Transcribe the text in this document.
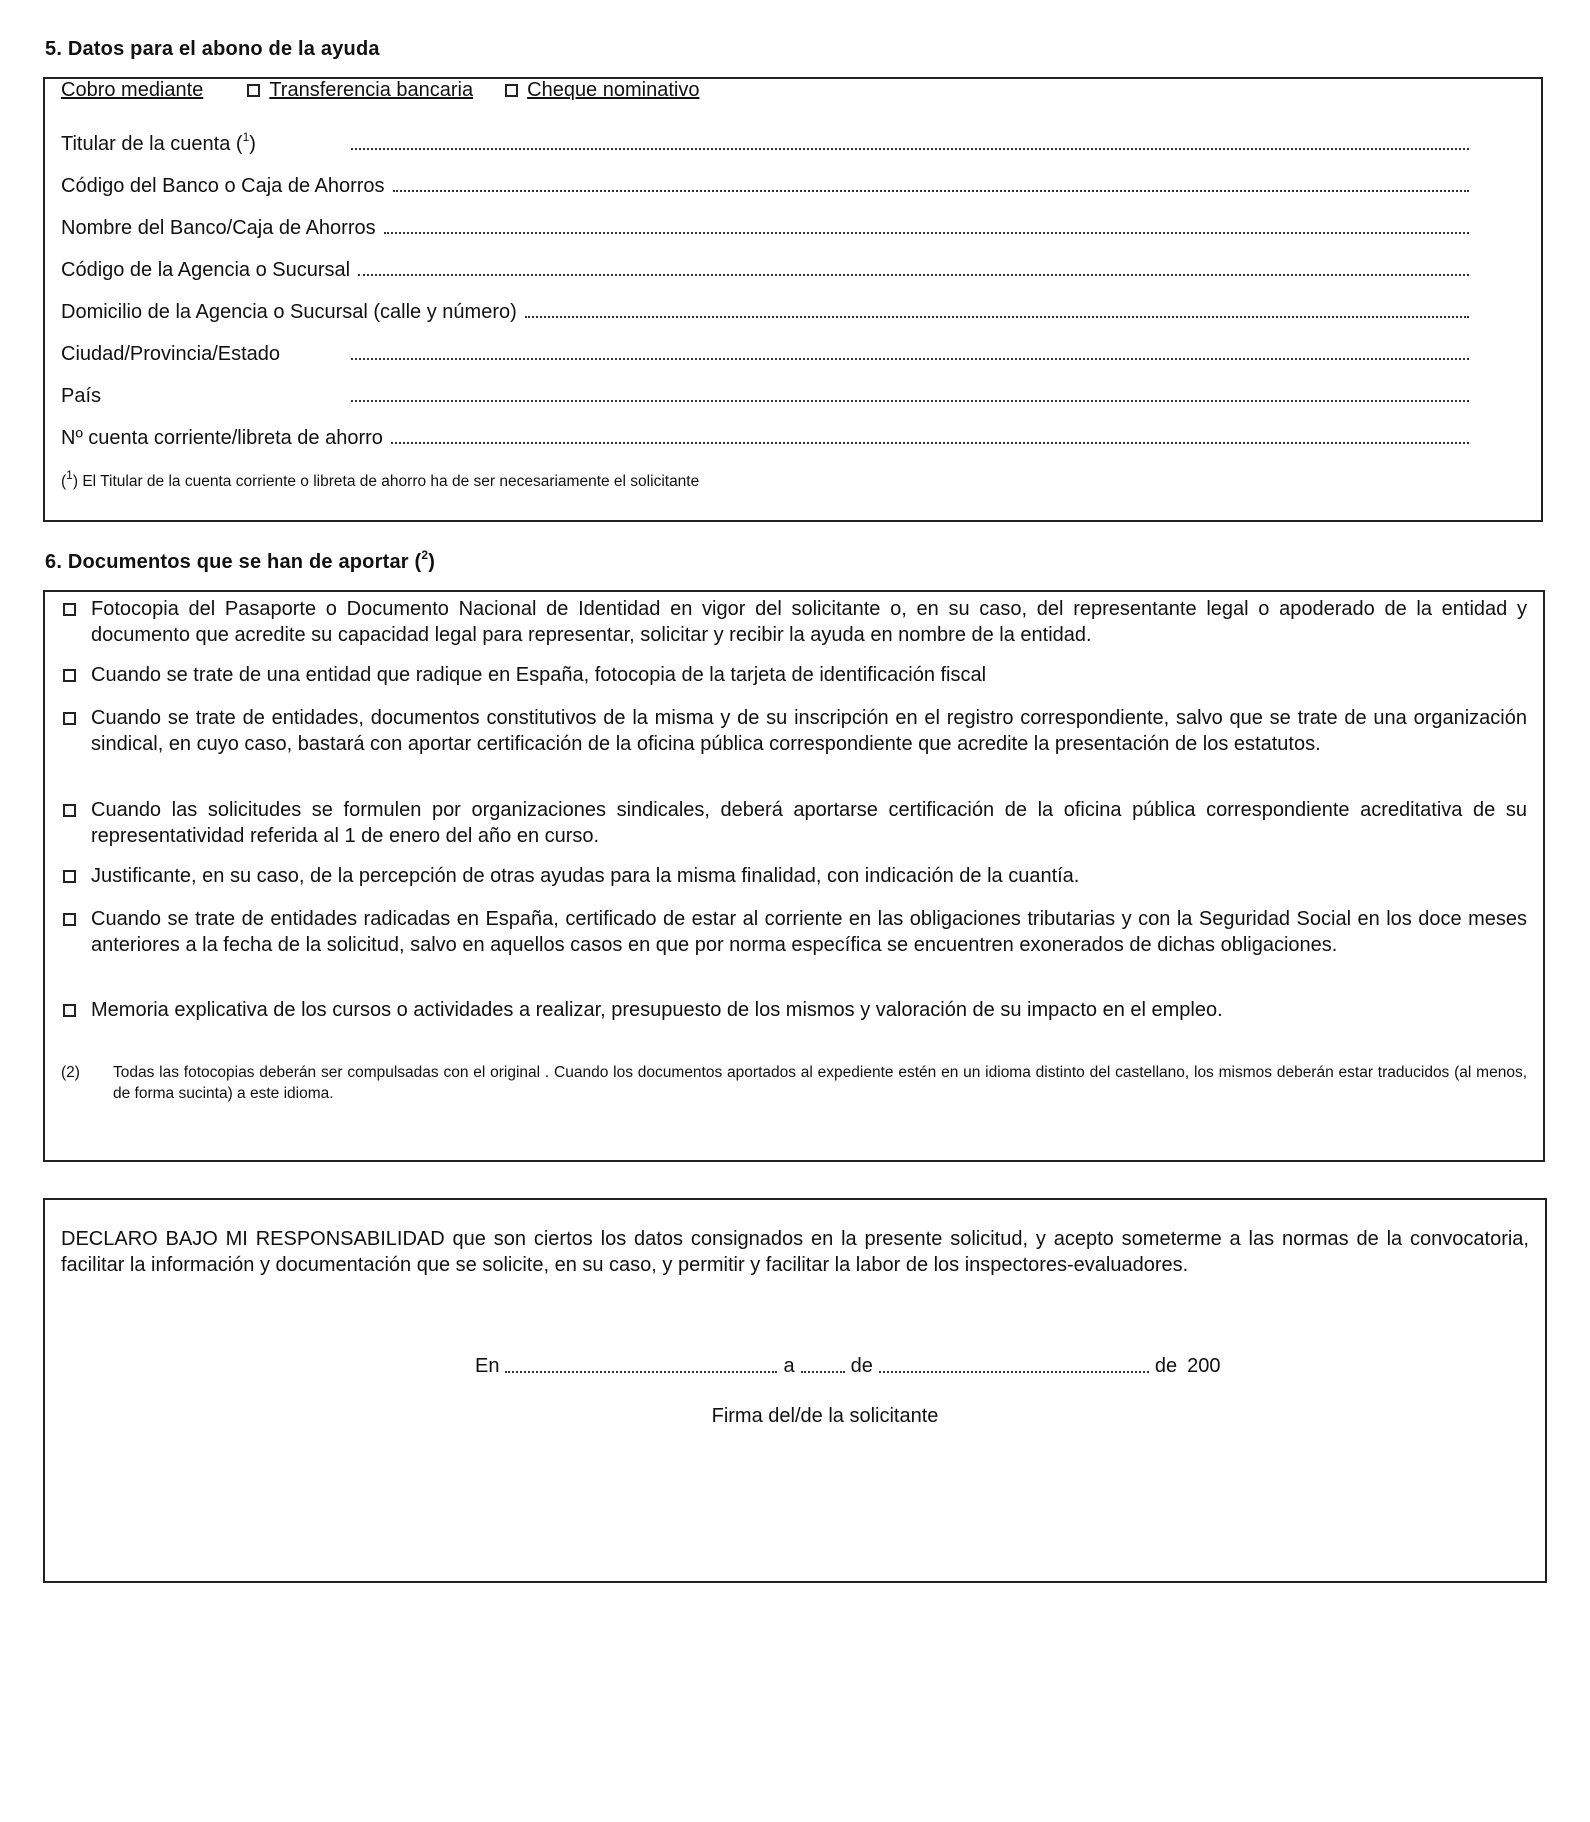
5. Datos para el abono de la ayuda
Cobro mediante	Transferencia bancaria	Cheque nominativo
Titular de la cuenta ($^1$)
Código del Banco o Caja de Ahorros
Nombre del Banco/Caja de Ahorros
Código de la Agencia o Sucursal
Domicilio de la Agencia o Sucursal (calle y número)
Ciudad/Provincia/Estado
País
Nº cuenta corriente/libreta de ahorro
($^1$) El Titular de la cuenta corriente o libreta de ahorro ha de ser necesariamente el solicitante
6. Documentos que se han de aportar ($^2$)
Fotocopia del Pasaporte o Documento Nacional de Identidad en vigor del solicitante o, en su caso, del representante legal o apoderado de la entidad y documento que acredite su capacidad legal para representar, solicitar y recibir la ayuda en nombre de la entidad.
Cuando se trate de una entidad que radique en España, fotocopia de la tarjeta de identificación fiscal
Cuando se trate de entidades, documentos constitutivos de la misma y de su inscripción en el registro correspondiente, salvo que se trate de una organización sindical, en cuyo caso, bastará con aportar certificación de la oficina pública correspondiente que acredite la presentación de los estatutos.
Cuando las solicitudes se formulen por organizaciones sindicales, deberá aportarse certificación de la oficina pública correspondiente acreditativa de su representatividad referida al 1 de enero del año en curso.
Justificante, en su caso, de la percepción de otras ayudas para la misma finalidad, con indicación de la cuantía.
Cuando se trate de entidades radicadas en España, certificado de estar al corriente en las obligaciones tributarias y con la Seguridad Social en los doce meses anteriores a la fecha de la solicitud, salvo en aquellos casos en que por norma específica se encuentren exonerados de dichas obligaciones.
Memoria explicativa de los cursos o actividades a realizar, presupuesto de los mismos y valoración de su impacto en el empleo.
(2) Todas las fotocopias deberán ser compulsadas con el original . Cuando los documentos aportados al expediente estén en un idioma distinto del castellano, los mismos deberán estar traducidos (al menos, de forma sucinta) a este idioma.
DECLARO BAJO MI RESPONSABILIDAD que son ciertos los datos consignados en la presente solicitud, y acepto someterme a las normas de la convocatoria, facilitar la información y documentación que se solicite, en su caso, y permitir y facilitar la labor de los inspectores-evaluadores.
En	a	de	de 200
Firma del/de la solicitante
